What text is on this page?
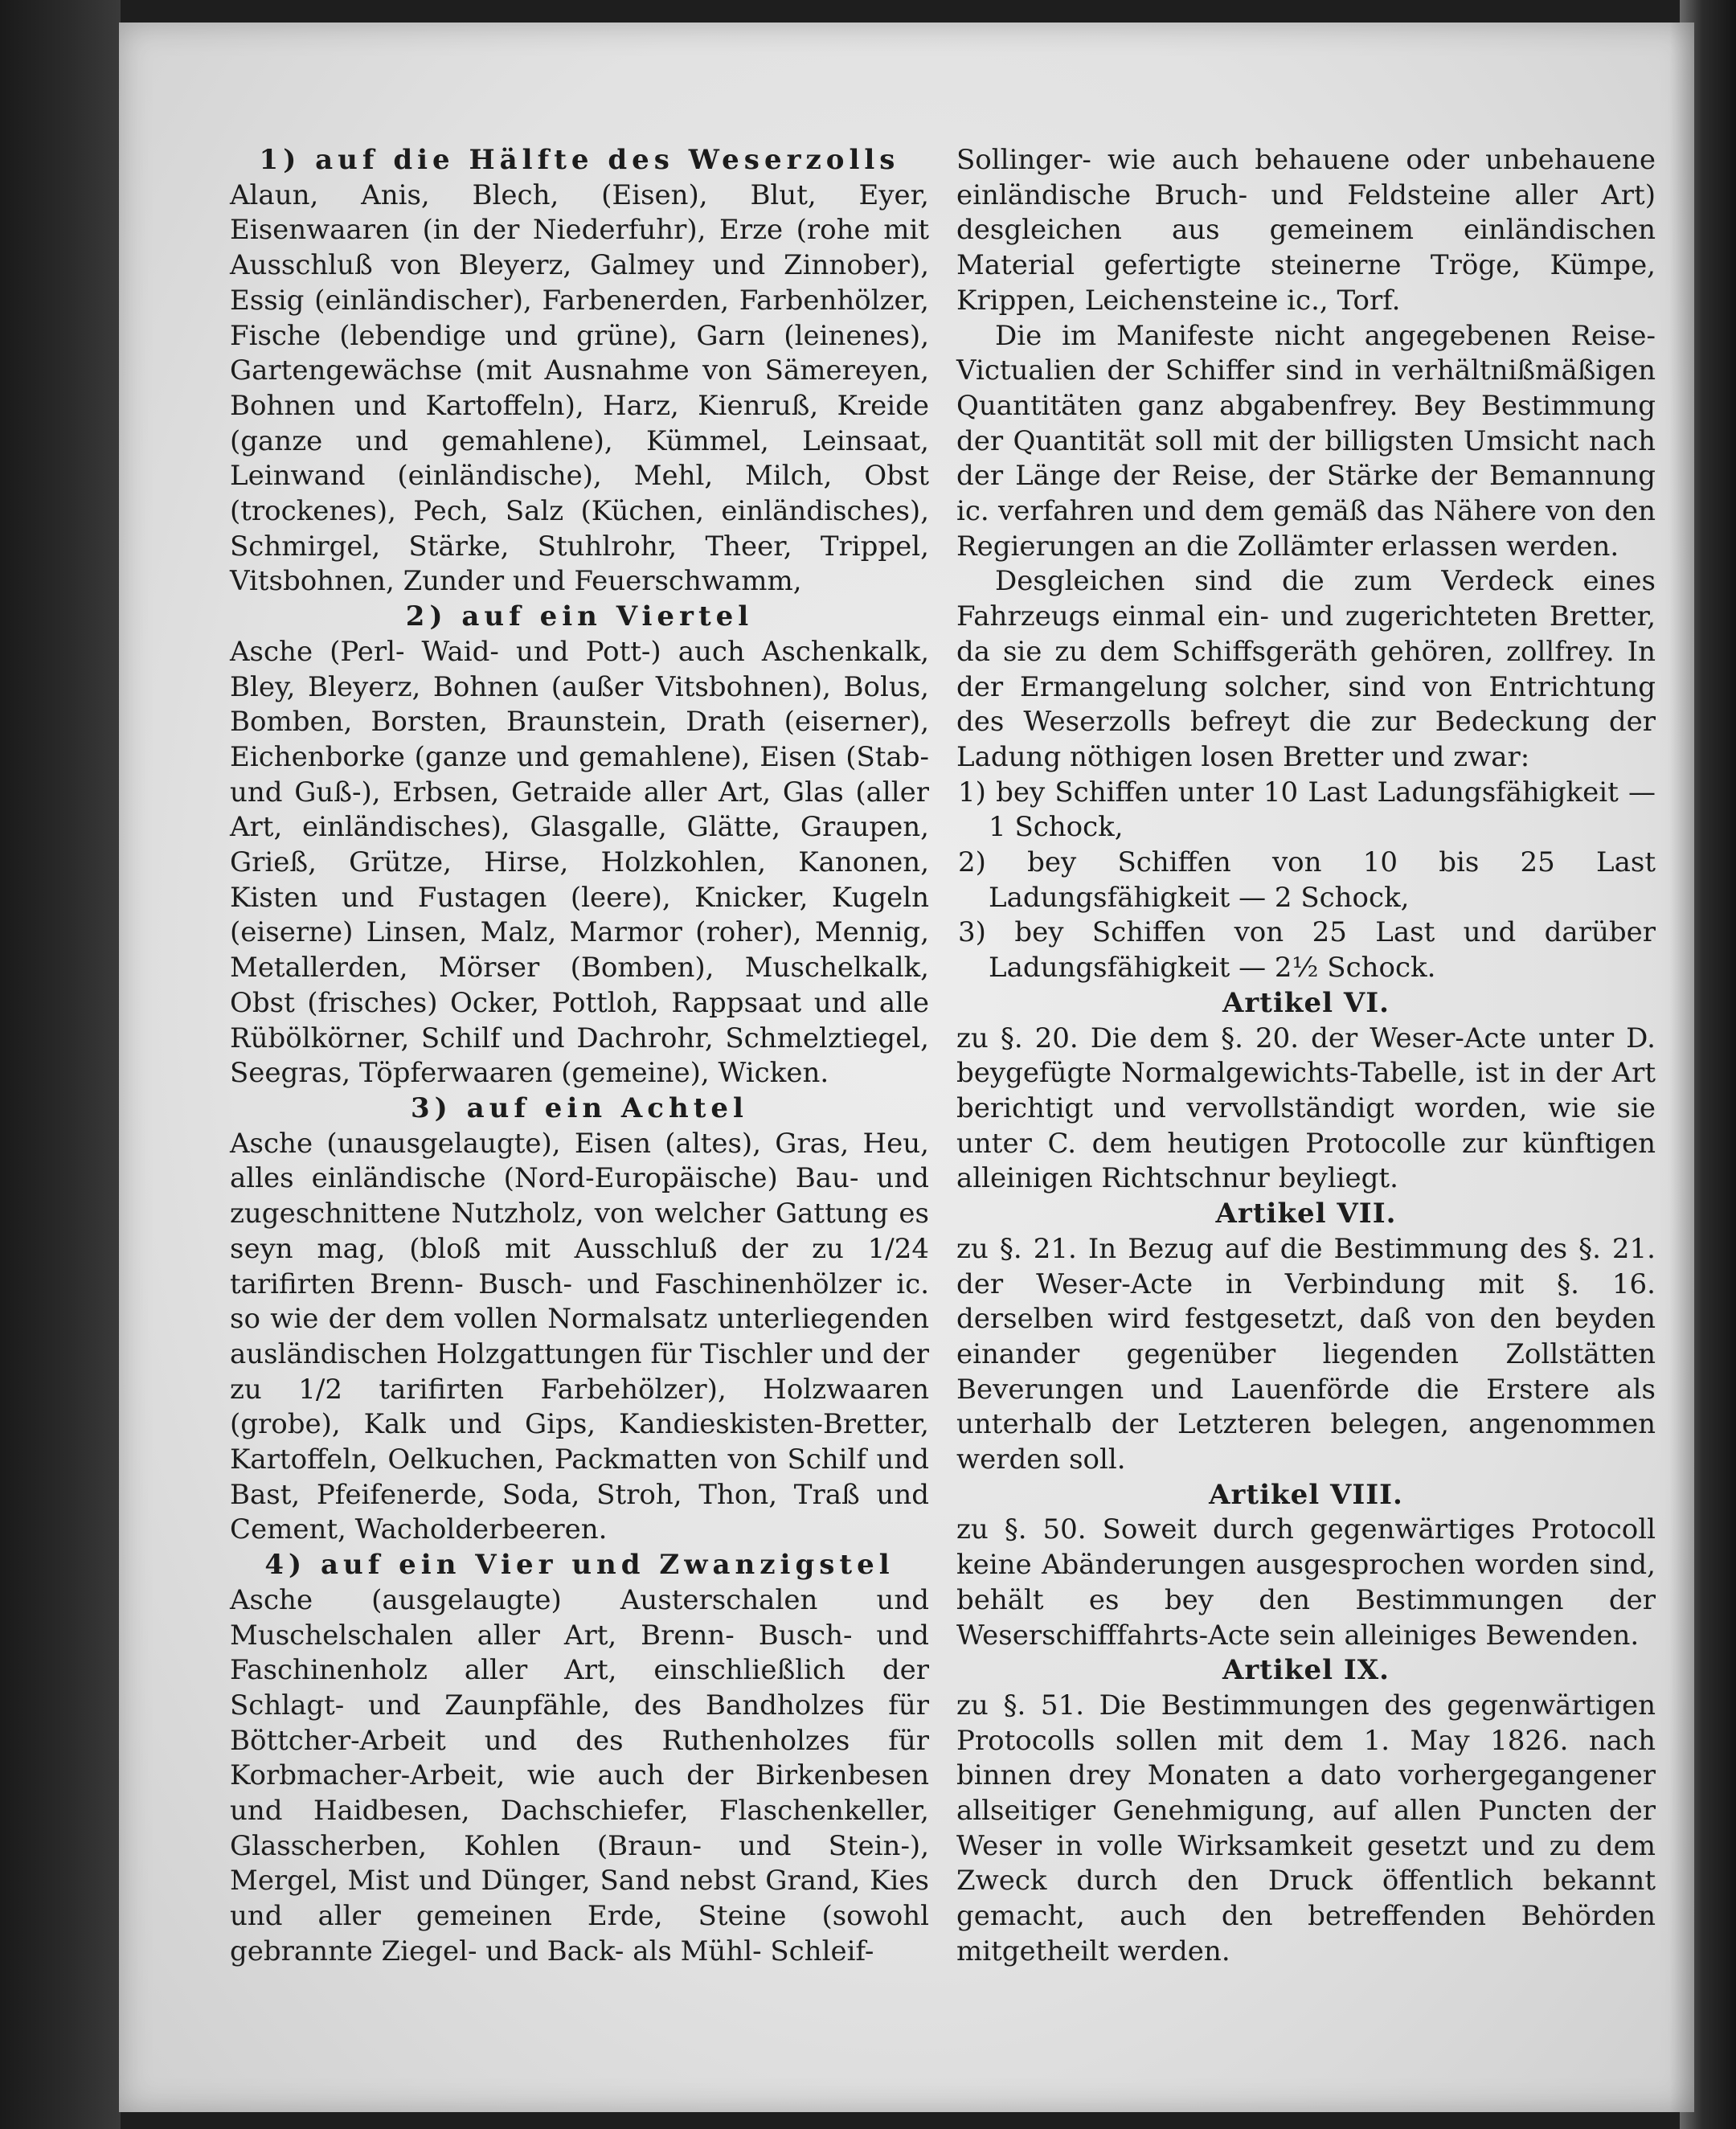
1) auf die Hälfte des Weserzolls
Alaun, Anis, Blech, (Eisen), Blut, Eyer, Eisenwaaren (in der Niederfuhr), Erze (rohe mit Ausschluß von Bleyerz, Galmey und Zinnober), Essig (einländischer), Farbenerden, Farbenhölzer, Fische (lebendige und grüne), Garn (leinenes), Gartengewächse (mit Ausnahme von Sämereyen, Bohnen und Kartoffeln), Harz, Kienruß, Kreide (ganze und gemahlene), Kümmel, Leinsaat, Leinwand (einländische), Mehl, Milch, Obst (trockenes), Pech, Salz (Küchen, einländisches), Schmirgel, Stärke, Stuhlrohr, Theer, Trippel, Vitsbohnen, Zunder und Feuerschwamm,
2) auf ein Viertel
Asche (Perl- Waid- und Pott-) auch Aschenkalk, Bley, Bleyerz, Bohnen (außer Vitsbohnen), Bolus, Bomben, Borsten, Braunstein, Drath (eiserner), Eichenborke (ganze und gemahlene), Eisen (Stab- und Guß-), Erbsen, Getraide aller Art, Glas (aller Art, einländisches), Glasgalle, Glätte, Graupen, Grieß, Grütze, Hirse, Holzkohlen, Kanonen, Kisten und Fustagen (leere), Knicker, Kugeln (eiserne) Linsen, Malz, Marmor (roher), Mennig, Metallerden, Mörser (Bomben), Muschelkalk, Obst (frisches) Ocker, Pottloh, Rappsaat und alle Rübölkörner, Schilf und Dachrohr, Schmelztiegel, Seegras, Töpferwaaren (gemeine), Wicken.
3) auf ein Achtel
Asche (unausgelaugte), Eisen (altes), Gras, Heu, alles einländische (Nord-Europäische) Bau- und zugeschnittene Nutzholz, von welcher Gattung es seyn mag, (bloß mit Ausschluß der zu 1/24 tarifirten Brenn- Busch- und Faschinenhölzer ic. so wie der dem vollen Normalsatz unterliegenden ausländischen Holzgattungen für Tischler und der zu 1/2 tarifirten Farbehölzer), Holzwaaren (grobe), Kalk und Gips, Kandieskisten-Bretter, Kartoffeln, Oelkuchen, Packmatten von Schilf und Bast, Pfeifenerde, Soda, Stroh, Thon, Traß und Cement, Wacholderbeeren.
4) auf ein Vier und Zwanzigstel
Asche (ausgelaugte) Austerschalen und Muschelschalen aller Art, Brenn- Busch- und Faschinenholz aller Art, einschließlich der Schlagt- und Zaunpfähle, des Bandholzes für Böttcher-Arbeit und des Ruthenholzes für Korbmacher-Arbeit, wie auch der Birkenbesen und Haidbesen, Dachschiefer, Flaschenkeller, Glasscherben, Kohlen (Braun- und Stein-), Mergel, Mist und Dünger, Sand nebst Grand, Kies und aller gemeinen Erde, Steine (sowohl gebrannte Ziegel- und Back- als Mühl- Schleif-
Sollinger- wie auch behauene oder unbehauene einländische Bruch- und Feldsteine aller Art) desgleichen aus gemeinem einländischen Material gefertigte steinerne Tröge, Kümpe, Krippen, Leichensteine ic., Torf.
Die im Manifeste nicht angegebenen Reise-Victualien der Schiffer sind in verhältnißmäßigen Quantitäten ganz abgabenfrey. Bey Bestimmung der Quantität soll mit der billigsten Umsicht nach der Länge der Reise, der Stärke der Bemannung ic. verfahren und dem gemäß das Nähere von den Regierungen an die Zollämter erlassen werden.
Desgleichen sind die zum Verdeck eines Fahrzeugs einmal ein- und zugerichteten Bretter, da sie zu dem Schiffsgeräth gehören, zollfrey. In der Ermangelung solcher, sind von Entrichtung des Weserzolls befreyt die zur Bedeckung der Ladung nöthigen losen Bretter und zwar:
1) bey Schiffen unter 10 Last Ladungsfähigkeit — 1 Schock,
2) bey Schiffen von 10 bis 25 Last Ladungsfähigkeit — 2 Schock,
3) bey Schiffen von 25 Last und darüber Ladungsfähigkeit — 2½ Schock.
Artikel VI.
zu §. 20. Die dem §. 20. der Weser-Acte unter D. beygefügte Normalgewichts-Tabelle, ist in der Art berichtigt und vervollständigt worden, wie sie unter C. dem heutigen Protocolle zur künftigen alleinigen Richtschnur beyliegt.
Artikel VII.
zu §. 21. In Bezug auf die Bestimmung des §. 21. der Weser-Acte in Verbindung mit §. 16. derselben wird festgesetzt, daß von den beyden einander gegenüber liegenden Zollstätten Beverungen und Lauenförde die Erstere als unterhalb der Letzteren belegen, angenommen werden soll.
Artikel VIII.
zu §. 50. Soweit durch gegenwärtiges Protocoll keine Abänderungen ausgesprochen worden sind, behält es bey den Bestimmungen der Weserschifffahrts-Acte sein alleiniges Bewenden.
Artikel IX.
zu §. 51. Die Bestimmungen des gegenwärtigen Protocolls sollen mit dem 1. May 1826. nach binnen drey Monaten a dato vorhergegangener allseitiger Genehmigung, auf allen Puncten der Weser in volle Wirksamkeit gesetzt und zu dem Zweck durch den Druck öffentlich bekannt gemacht, auch den betreffenden Behörden mitgetheilt werden.
